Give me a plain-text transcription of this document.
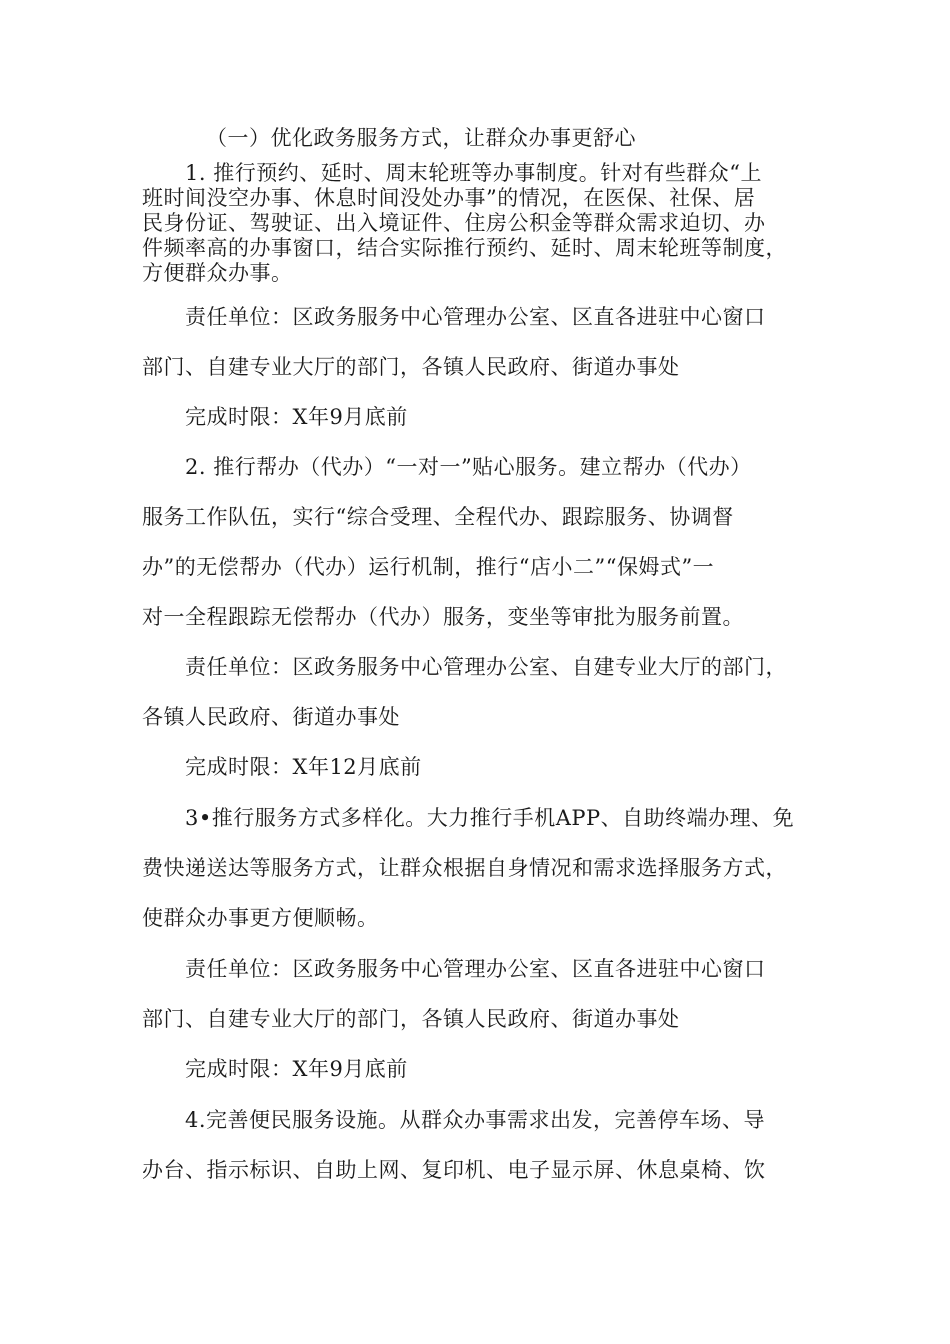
（一）优化政务服务方式，让群众办事更舒心
1. 推行预约、延时、周末轮班等办事制度。针对有些群众“上
班时间没空办事、休息时间没处办事”的情况，在医保、社保、居
民身份证、驾驶证、出入境证件、住房公积金等群众需求迫切、办
件频率高的办事窗口，结合实际推行预约、延时、周末轮班等制度，
方便群众办事。
责任单位：区政务服务中心管理办公室、区直各进驻中心窗口
部门、自建专业大厅的部门，各镇人民政府、街道办事处
完成时限：X年9月底前
2. 推行帮办（代办）“一对一”贴心服务。建立帮办（代办）
服务工作队伍，实行“综合受理、全程代办、跟踪服务、协调督
办”的无偿帮办（代办）运行机制，推行“店小二”“保姆式”一
对一全程跟踪无偿帮办（代办）服务，变坐等审批为服务前置。
责任单位：区政务服务中心管理办公室、自建专业大厅的部门，
各镇人民政府、街道办事处
完成时限：X年12月底前
3•推行服务方式多样化。大力推行手机APP、自助终端办理、免
费快递送达等服务方式，让群众根据自身情况和需求选择服务方式，
使群众办事更方便顺畅。
责任单位：区政务服务中心管理办公室、区直各进驻中心窗口
部门、自建专业大厅的部门，各镇人民政府、街道办事处
完成时限：X年9月底前
4.完善便民服务设施。从群众办事需求出发，完善停车场、导
办台、指示标识、自助上网、复印机、电子显示屏、休息桌椅、饮
